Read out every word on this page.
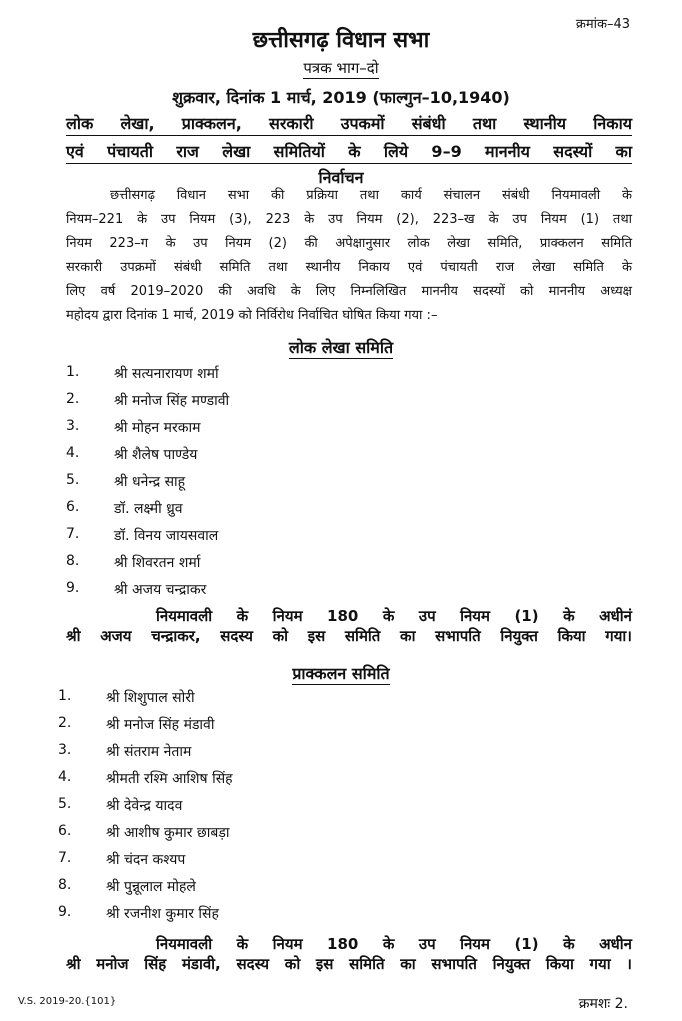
क्रमांक–43
छत्तीसगढ़ विधान सभा
पत्रक भाग–दो
शुक्रवार, दिनांक 1 मार्च, 2019 (फाल्गुन–10,1940)
लोक लेखा, प्राक्कलन, सरकारी उपकमों संबंधी तथा स्थानीय निकाय
एवं पंचायती राज लेखा समितियों के लिये 9–9 माननीय सदस्यों का
निर्वाचन
छत्तीसगढ़ विधान सभा की प्रक्रिया तथा कार्य संचालन संबंधी नियमावली के
नियम–221 के उप नियम (3), 223 के उप नियम (2), 223–ख के उप नियम (1) तथा
नियम 223–ग के उप नियम (2) की अपेक्षानुसार लोक लेखा समिति, प्राक्कलन समिति
सरकारी उपक्रमों संबंधी समिति तथा स्थानीय निकाय एवं पंचायती राज लेखा समिति के
लिए वर्ष 2019–2020 की अवधि के लिए निम्नलिखित माननीय सदस्यों को माननीय अध्यक्ष
महोदय द्वारा दिनांक 1 मार्च, 2019 को निर्विरोध निर्वाचित घोषित किया गया :–
लोक लेखा समिति
1. श्री सत्यनारायण शर्मा
2. श्री मनोज सिंह मण्डावी
3. श्री मोहन मरकाम
4. श्री शैलेष पाण्डेय
5. श्री धनेन्द्र साहू
6. डॉ. लक्ष्मी ध्रुव
7. डॉ. विनय जायसवाल
8. श्री शिवरतन शर्मा
9. श्री अजय चन्द्राकर
नियमावली के नियम 180 के उप नियम (1) के अधीनं
श्री अजय चन्द्राकर, सदस्य को इस समिति का सभापति नियुक्त किया गया।
प्राक्कलन समिति
1. श्री शिशुपाल सोरी
2. श्री मनोज सिंह मंडावी
3. श्री संतराम नेताम
4. श्रीमती रश्मि आशिष सिंह
5. श्री देवेन्द्र यादव
6. श्री आशीष कुमार छाबड़ा
7. श्री चंदन कश्यप
8. श्री पुन्नूलाल मोहले
9. श्री रजनीश कुमार सिंह
नियमावली के नियम 180 के उप नियम (1) के अधीन
श्री मनोज सिंह मंडावी, सदस्य को इस समिति का सभापति नियुक्त किया गया ।
V.S. 2019-20.{101}	क्रमशः 2.
